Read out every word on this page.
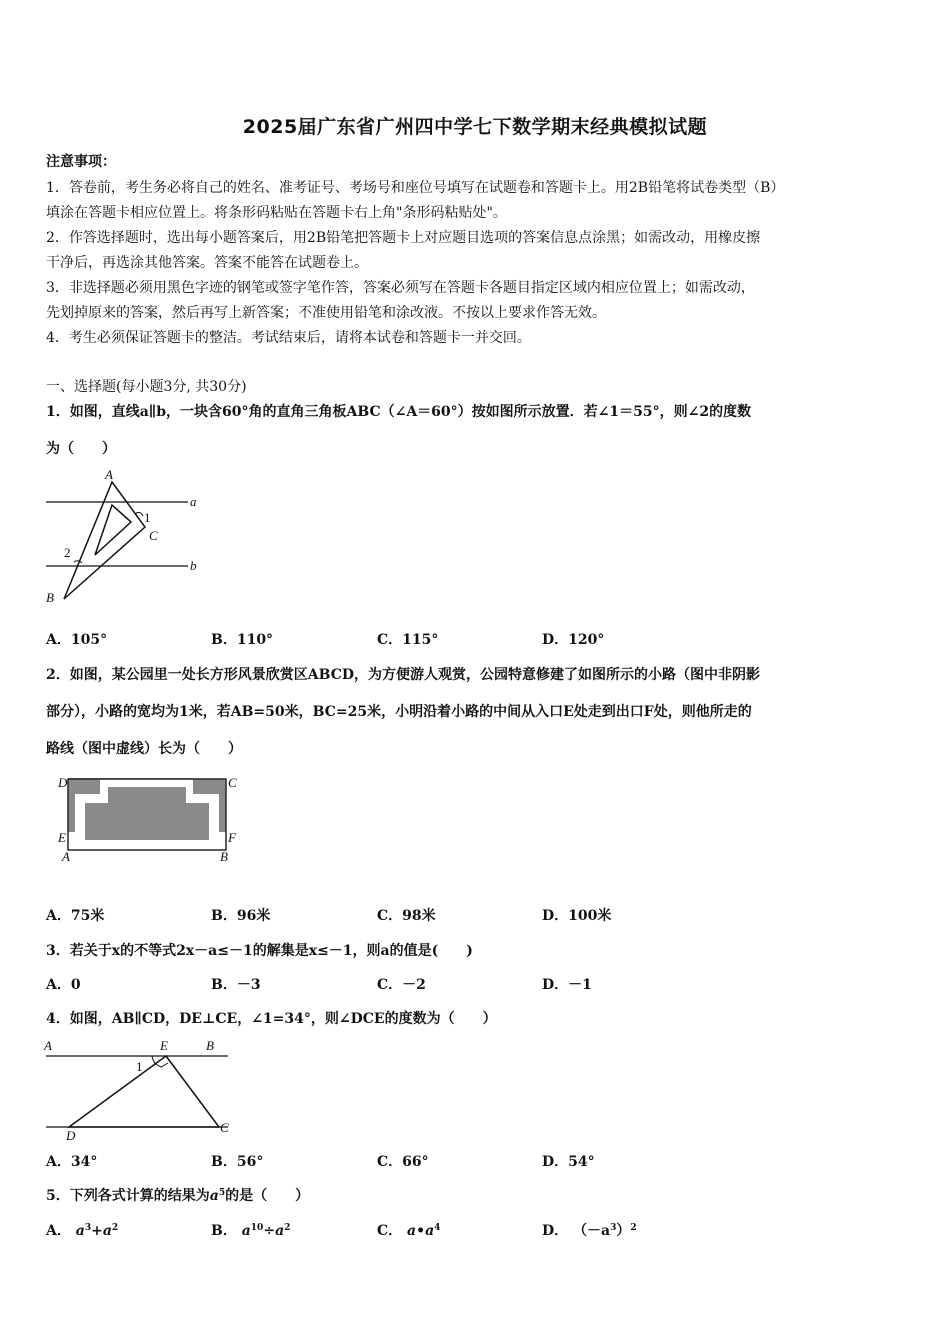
2025届广东省广州四中学七下数学期末经典模拟试题
注意事项：
1．答卷前，考生务必将自己的姓名、准考证号、考场号和座位号填写在试题卷和答题卡上。用2B铅笔将试卷类型（B）
填涂在答题卡相应位置上。将条形码粘贴在答题卡右上角"条形码粘贴处"。
2．作答选择题时，选出每小题答案后，用2B铅笔把答题卡上对应题目选项的答案信息点涂黑；如需改动，用橡皮擦
干净后，再选涂其他答案。答案不能答在试题卷上。
3．非选择题必须用黑色字迹的钢笔或签字笔作答，答案必须写在答题卡各题目指定区域内相应位置上；如需改动，
先划掉原来的答案，然后再写上新答案；不准使用铅笔和涂改液。不按以上要求作答无效。
4．考生必须保证答题卡的整洁。考试结束后，请将本试卷和答题卡一并交回。
一、选择题(每小题3分, 共30分)
1．如图，直线a∥b，一块含60°角的直角三角板ABC（∠A＝60°）按如图所示放置．若∠1＝55°，则∠2的度数
为（　　）
A
1
C
a
2
b
B
A．105°	B．110°	C．115°	D．120°
2．如图，某公园里一处长方形风景欣赏区ABCD，为方便游人观赏，公园特意修建了如图所示的小路（图中非阴影
部分），小路的宽均为1米，若AB=50米，BC=25米，小明沿着小路的中间从入口E处走到出口F处，则他所走的
路线（图中虚线）长为（　　）
D	C
E	F
A	B
A．75米	B．96米	C．98米	D．100米
3．若关于x的不等式2x－a≤－1的解集是x≤－1，则a的值是(　　)
A．0	B．－3	C．－2	D．－1
4．如图，AB∥CD，DE⊥CE，∠1=34°，则∠DCE的度数为（　　）
A	E	B
1
D
C
A．34°	B．56°	C．66°	D．54°
5．下列各式计算的结果为$a^5$的是（　　）
A． $a^3+a^2$	B． $a^{10}\div a^2$	C． $a•a^4$	D． $(-a^3)^2$
